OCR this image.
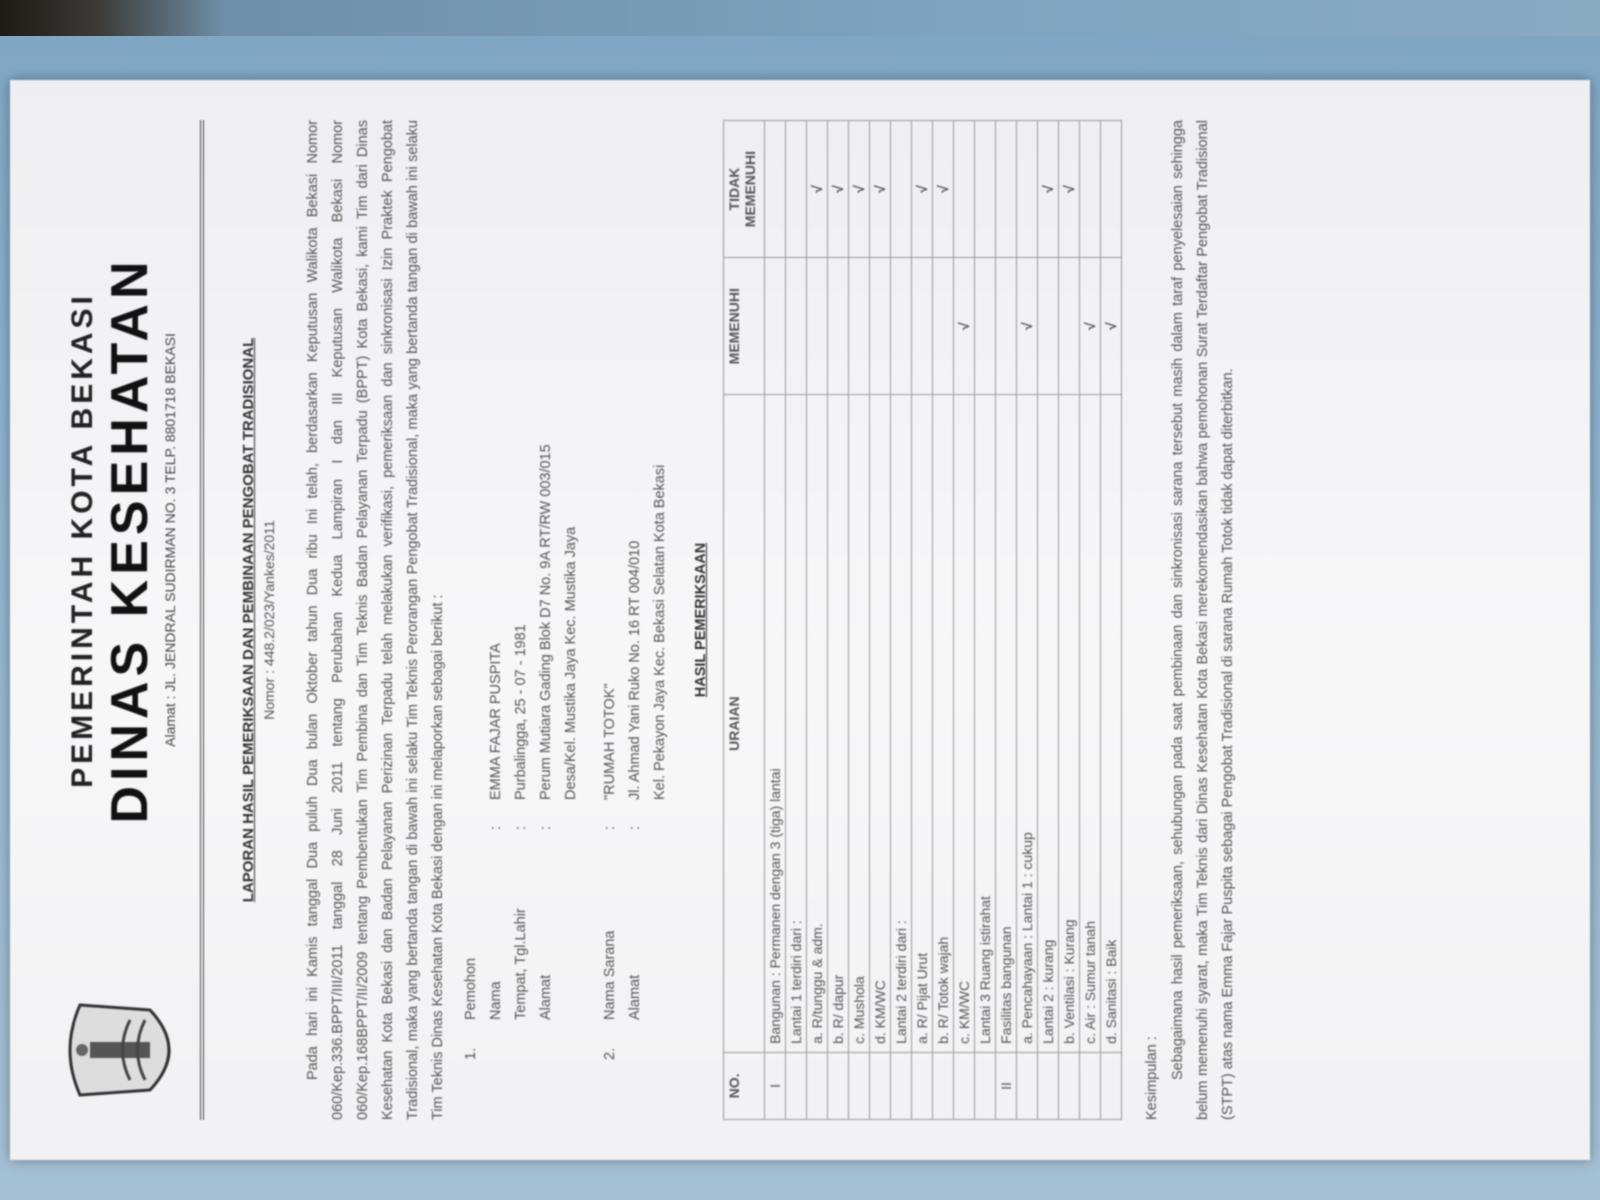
PEMERINTAH KOTA BEKASI DINAS KESEHATAN Alamat : JL. JENDRAL SUDIRMAN NO. 3 TELP. 8801718 BEKASI	LAPORAN HASIL PEMERIKSAAN DAN PEMBINAAN PENGOBAT TRADISIONAL Nomor : 448.2/023/Yankes/2011 Pada hari ini Kamis tanggal Dua puluh Dua bulan Oktober tahun Dua ribu Ini telah, berdasarkan Keputusan Walikota Bekasi Nomor 060/Kep.336.BPPT/III/2011 tanggal 28 Juni 2011 tentang Perubahan Kedua Lampiran I dan III Keputusan Walikota Bekasi Nomor 060/Kep.168BPPT/II/2009 tentang Pembentukan Tim Pembina dan Tim Teknis Badan Pelayanan Terpadu (BPPT) Kota Bekasi, kami Tim dari Dinas Kesehatan Kota Bekasi dan Badan Pelayanan Perizinan Terpadu telah melakukan verifikasi, pemeriksaan dan sinkronisasi Izin Praktek Pengobat Tradisional, maka yang bertanda tangan di bawah ini selaku Tim Teknis Perorangan Pengobat Tradisional, maka yang bertanda tangan di bawah ini selaku Tim Teknis Dinas Kesehatan Kota Bekasi dengan ini melaporkan sebagai berikut :	1.
Pemohon Nama
:
EMMA FAJAR PUSPITA
Tempat, Tgl.Lahir
:
Purbalingga, 25 - 07 - 1981
Alamat
:
Perum Mutiara Gading Blok D7 No. 9A RT/RW 003/015 Desa/Kel. Mustika Jaya Kec. Mustika Jaya
2.
Nama Sarana
:
"RUMAH TOTOK"
Alamat
:
Jl. Ahmad Yani Ruko No. 16 RT 004/010 Kel. Pekayon Jaya Kec. Bekasi Selatan Kota Bekasi	HASIL PEMERIKSAAN
NO.	URAIAN	MEMENUHI	TIDAK MEMENUHI
I	Bangunan : Permanen dengan 3 (tiga) lantai		
	Lantai 1 terdiri dari :		
	a. R/tunggu & adm.		√
	b. R/ dapur		√
	c. Mushola		√
	d. KM/WC		√
	Lantai 2 terdiri dari :		
	a. R/ Pijat Urut		√
	b. R/ Totok wajah		√
	c. KM/WC	√	
	Lantai 3 Ruang istirahat		
II	Fasilitas bangunan		
	a. Pencahayaan : Lantai 1 : cukup	√	
	Lantai 2 : kurang		√
	b. Ventilasi : Kurang		√
	c. Air : Sumur tanah	√	
	d. Sanitasi : Baik	√	
Kesimpulan : Sebagaimana hasil pemeriksaan, sehubungan pada saat pembinaan dan sinkronisasi sarana tersebut masih dalam taraf penyelesaian sehingga belum memenuhi syarat, maka Tim Teknis dari Dinas Kesehatan Kota Bekasi merekomendasikan bahwa pemohonan Surat Terdaftar Pengobat Tradisional (STPT) atas nama Emma Fajar Puspita sebagai Pengobat Tradisional di sarana Rumah Totok tidak dapat diterbitkan.
